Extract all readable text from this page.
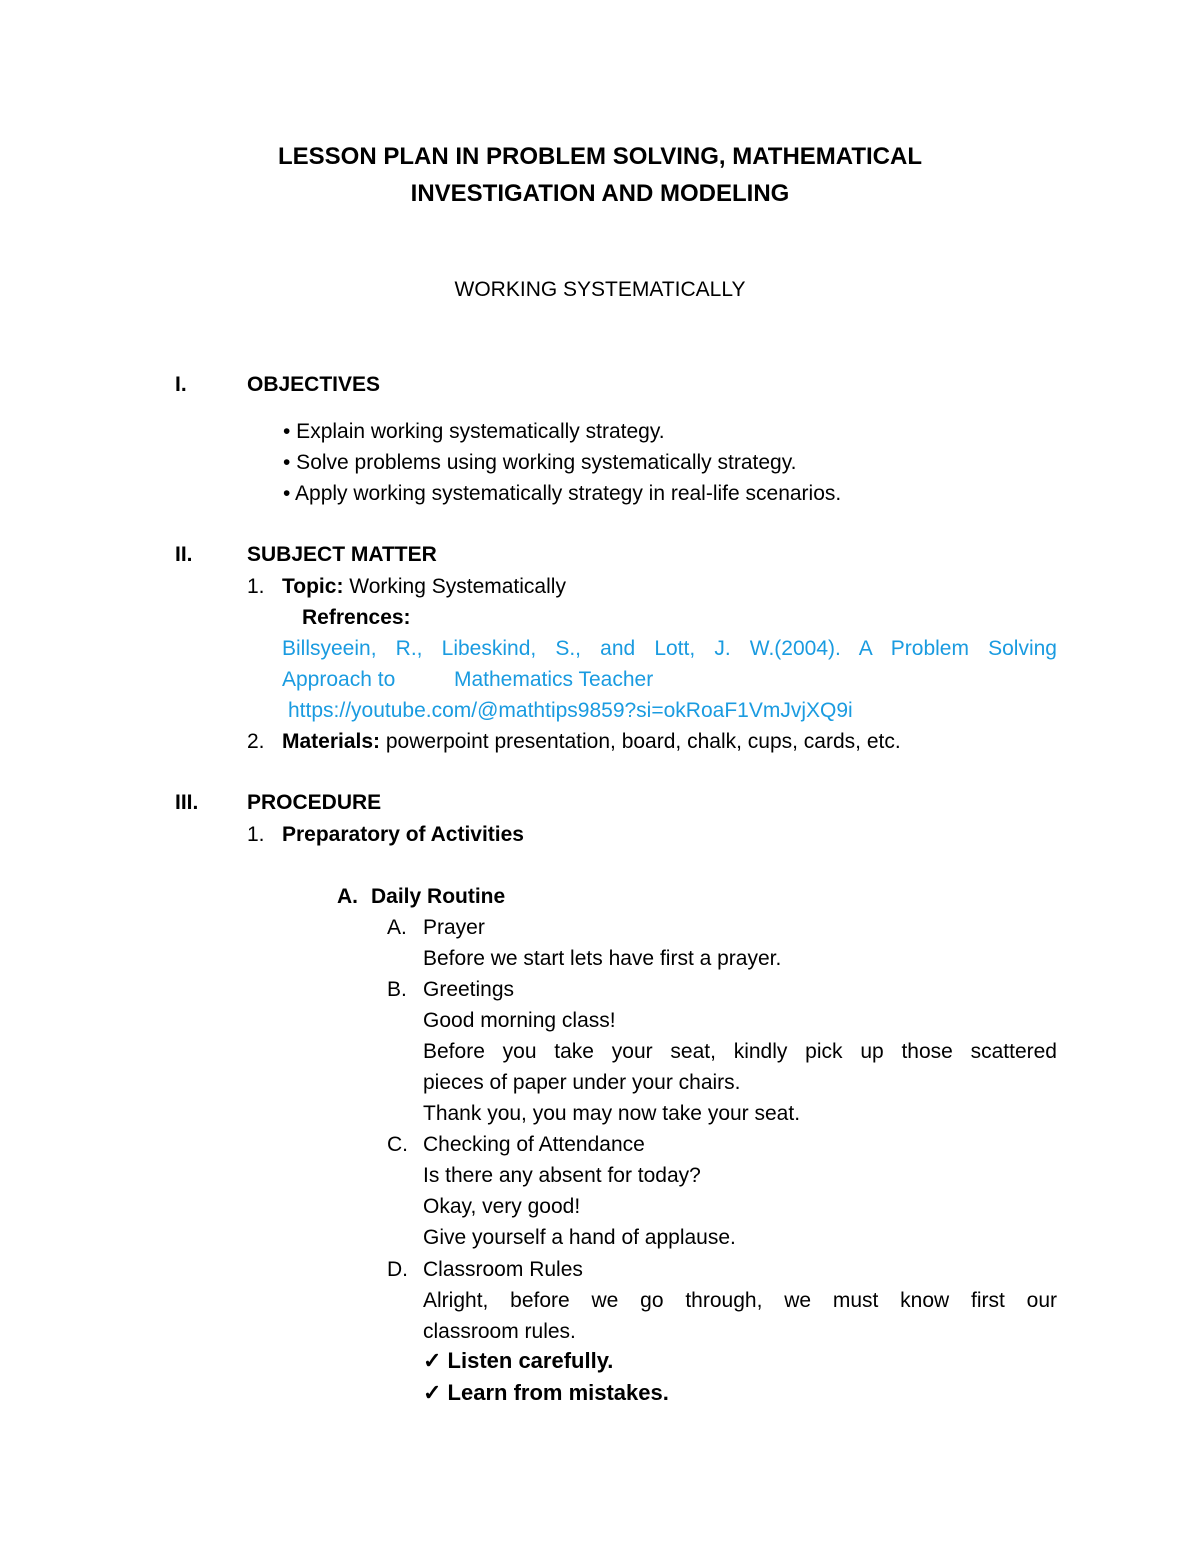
LESSON PLAN IN PROBLEM SOLVING, MATHEMATICAL
INVESTIGATION AND MODELING
WORKING SYSTEMATICALLY
I.	OBJECTIVES
• Explain working systematically strategy.
• Solve problems using working systematically strategy.
• Apply working systematically strategy in real-life scenarios.
II.	SUBJECT MATTER
1. Topic: Working Systematically
Refrences:
Billsyeein, R., Libeskind, S., and Lott, J. W.(2004). A Problem Solving
Approach to	Mathematics Teacher
https://youtube.com/@mathtips9859?si=okRoaF1VmJvjXQ9i
2. Materials: powerpoint presentation, board, chalk, cups, cards, etc.
III. PROCEDURE
1. Preparatory of Activities
A. Daily Routine
A. Prayer
Before we start lets have first a prayer.
B. Greetings
Good morning class!
Before you take your seat, kindly pick up those scattered
pieces of paper under your chairs.
Thank you, you may now take your seat.
C. Checking of Attendance
Is there any absent for today?
Okay, very good!
Give yourself a hand of applause.
D. Classroom Rules
Alright, before we go through, we must know first our
classroom rules.
✓ Listen carefully.
✓ Learn from mistakes.
